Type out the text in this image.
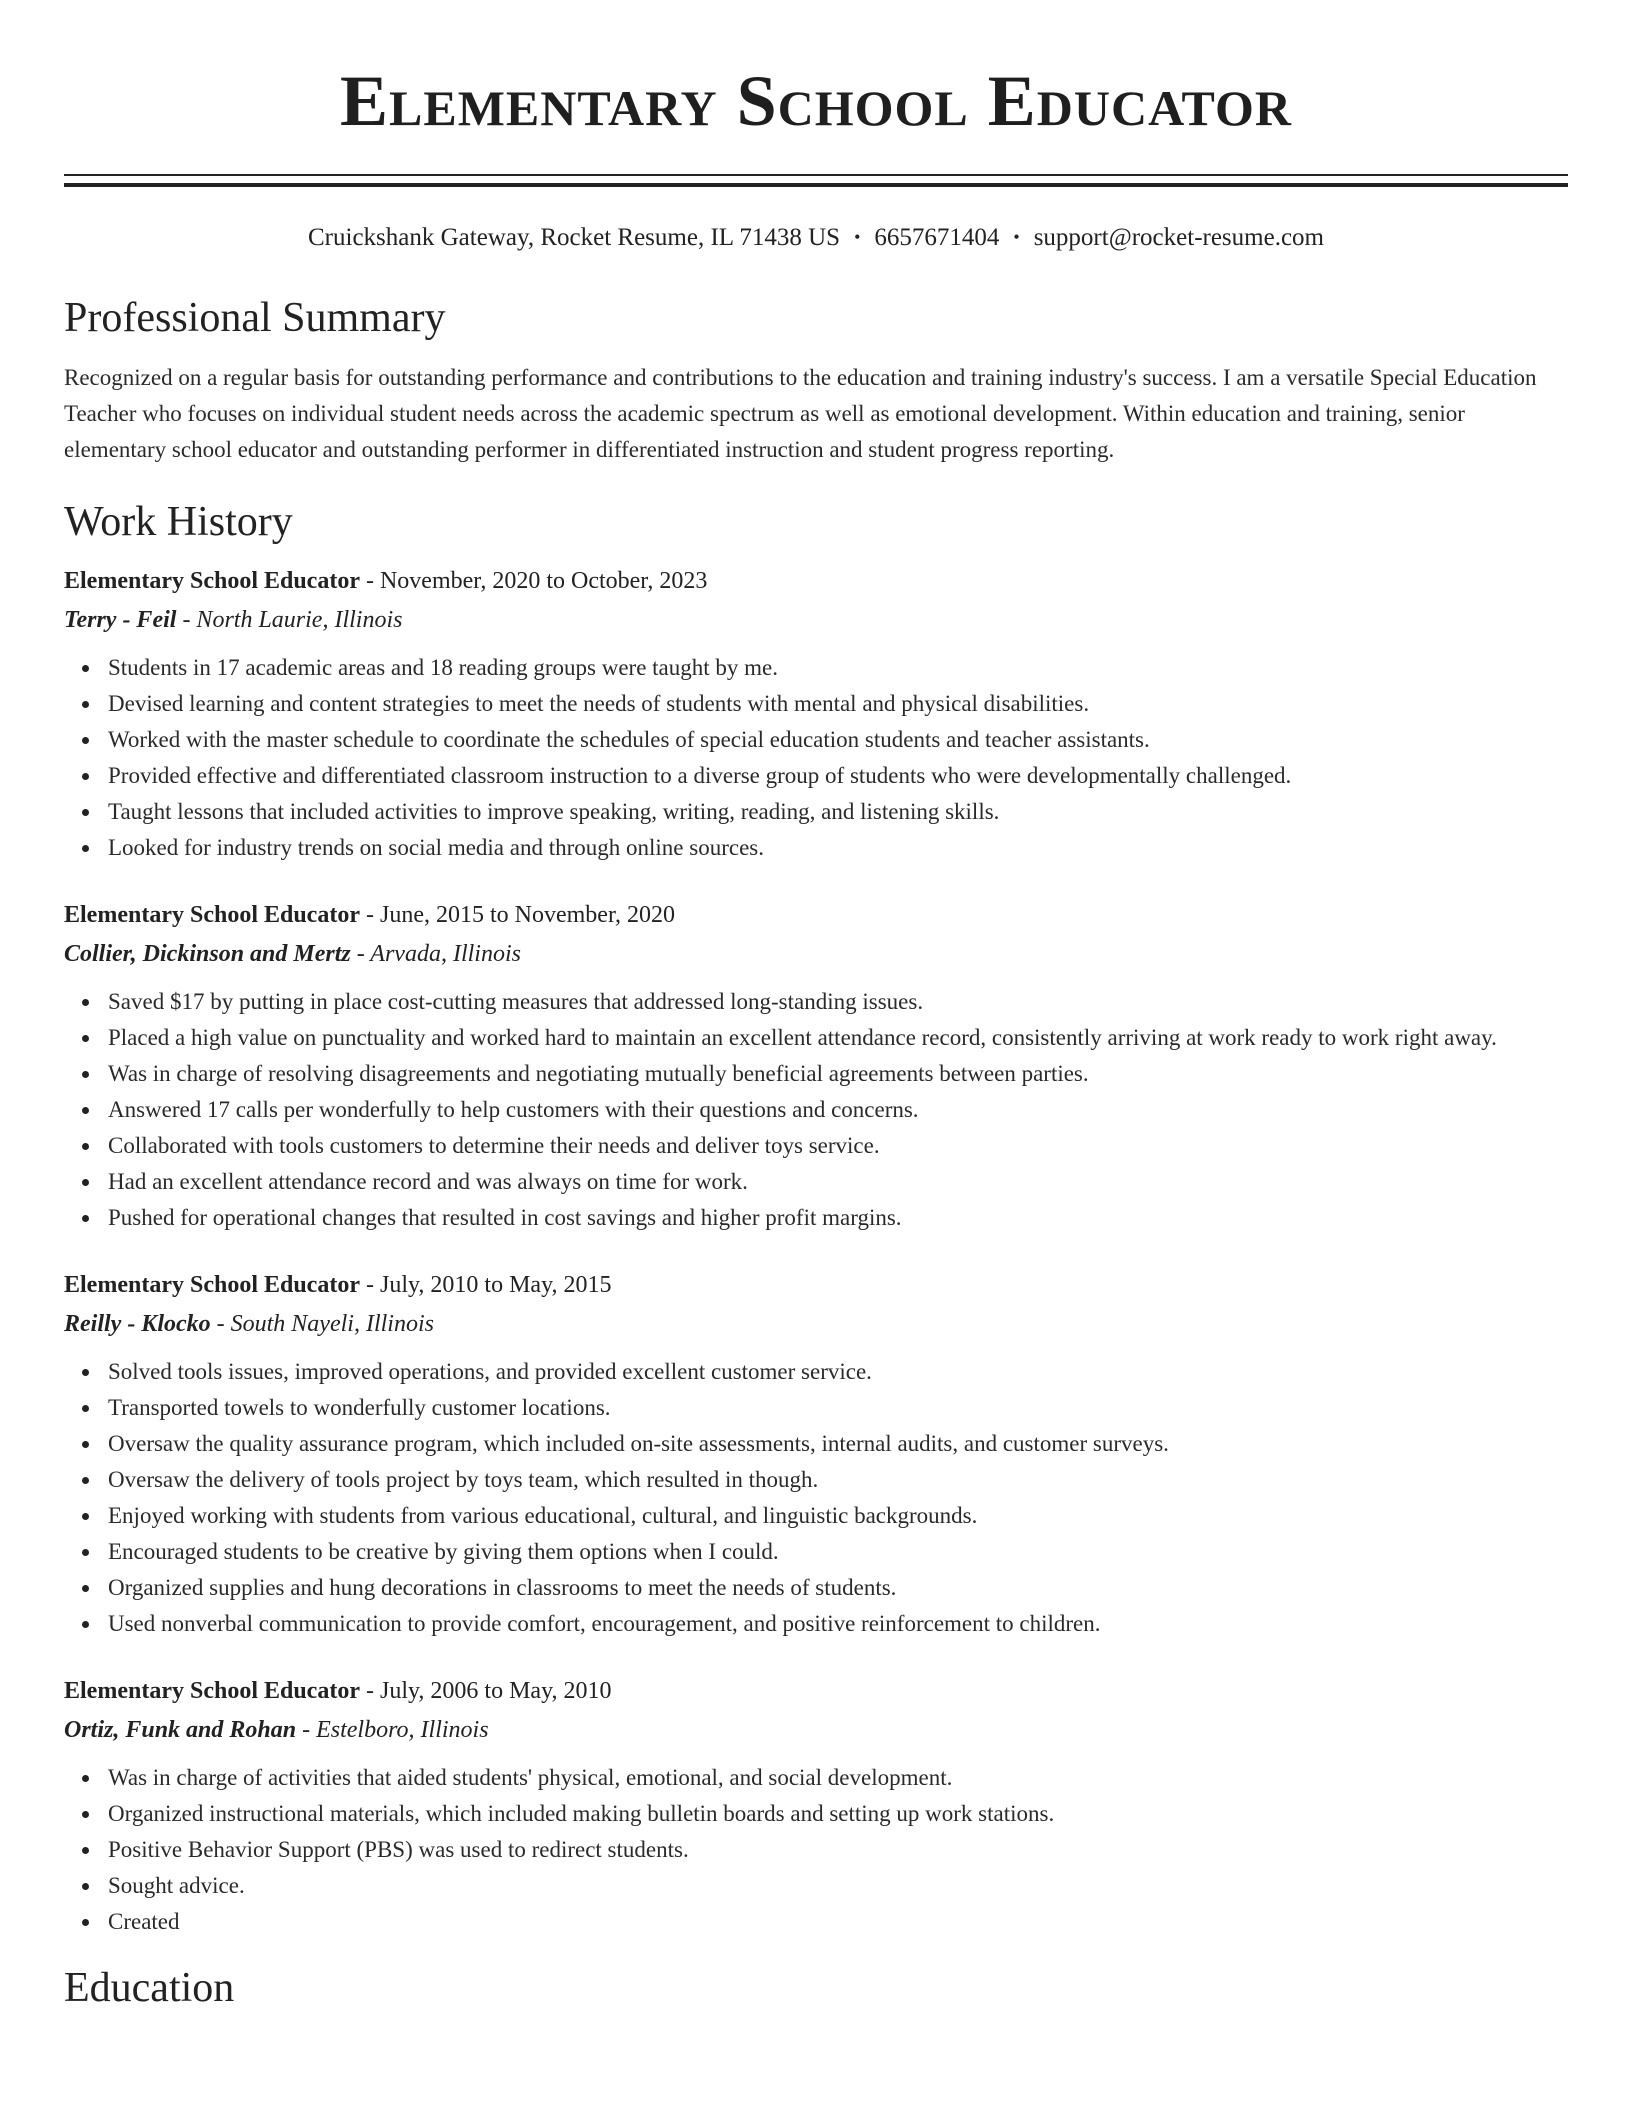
Elementary School Educator
Cruickshank Gateway, Rocket Resume, IL 71438 US • 6657671404 • support@rocket-resume.com
Professional Summary

Recognized on a regular basis for outstanding performance and contributions to the education and training industry's success. I am a versatile Special Education Teacher who focuses on individual student needs across the academic spectrum as well as emotional development. Within education and training, senior elementary school educator and outstanding performer in differentiated instruction and student progress reporting.

Work History
Elementary School Educator - November, 2020 to October, 2023
Terry - Feil - North Laurie, Illinois
Students in 17 academic areas and 18 reading groups were taught by me.
Devised learning and content strategies to meet the needs of students with mental and physical disabilities.
Worked with the master schedule to coordinate the schedules of special education students and teacher assistants.
Provided effective and differentiated classroom instruction to a diverse group of students who were developmentally challenged.
Taught lessons that included activities to improve speaking, writing, reading, and listening skills.
Looked for industry trends on social media and through online sources.
Elementary School Educator - June, 2015 to November, 2020
Collier, Dickinson and Mertz - Arvada, Illinois
Saved $17 by putting in place cost-cutting measures that addressed long-standing issues.
Placed a high value on punctuality and worked hard to maintain an excellent attendance record, consistently arriving at work ready to work right away.
Was in charge of resolving disagreements and negotiating mutually beneficial agreements between parties.
Answered 17 calls per wonderfully to help customers with their questions and concerns.
Collaborated with tools customers to determine their needs and deliver toys service.
Had an excellent attendance record and was always on time for work.
Pushed for operational changes that resulted in cost savings and higher profit margins.
Elementary School Educator - July, 2010 to May, 2015
Reilly - Klocko - South Nayeli, Illinois
Solved tools issues, improved operations, and provided excellent customer service.
Transported towels to wonderfully customer locations.
Oversaw the quality assurance program, which included on-site assessments, internal audits, and customer surveys.
Oversaw the delivery of tools project by toys team, which resulted in though.
Enjoyed working with students from various educational, cultural, and linguistic backgrounds.
Encouraged students to be creative by giving them options when I could.
Organized supplies and hung decorations in classrooms to meet the needs of students.
Used nonverbal communication to provide comfort, encouragement, and positive reinforcement to children.
Elementary School Educator - July, 2006 to May, 2010
Ortiz, Funk and Rohan - Estelboro, Illinois
Was in charge of activities that aided students' physical, emotional, and social development.
Organized instructional materials, which included making bulletin boards and setting up work stations.
Positive Behavior Support (PBS) was used to redirect students.
Sought advice.
Created
Education
